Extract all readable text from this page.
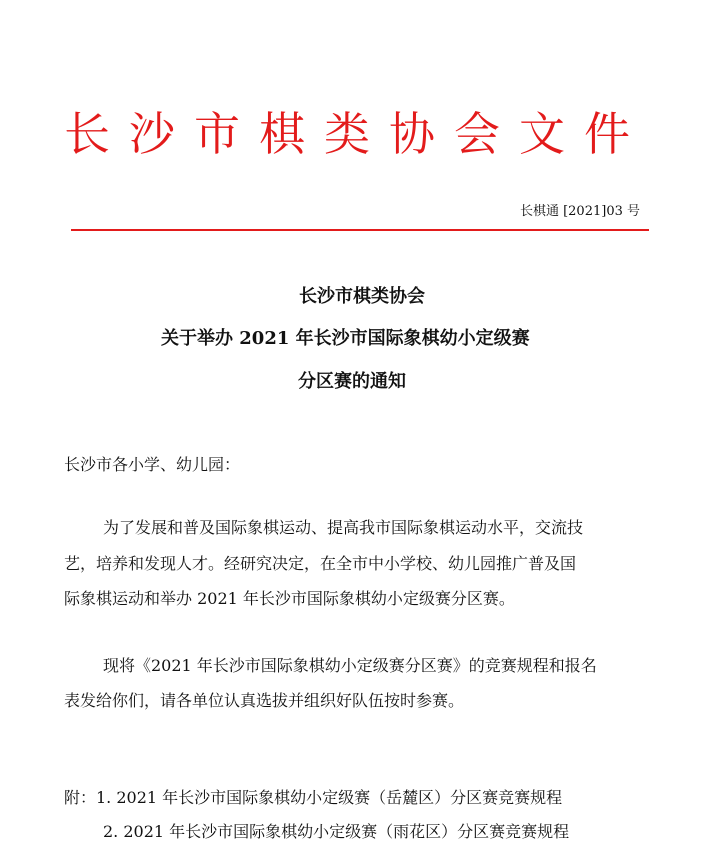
长沙市棋类协会文件
长棋通 [2021]03 号
长沙市棋类协会
关于举办 2021 年长沙市国际象棋幼小定级赛
分区赛的通知
长沙市各小学、幼儿园：
为了发展和普及国际象棋运动、提高我市国际象棋运动水平，交流技
艺，培养和发现人才。经研究决定，在全市中小学校、幼儿园推广普及国
际象棋运动和举办 2021 年长沙市国际象棋幼小定级赛分区赛。
现将《2021 年长沙市国际象棋幼小定级赛分区赛》的竞赛规程和报名
表发给你们，请各单位认真选拔并组织好队伍按时参赛。
附：1. 2021 年长沙市国际象棋幼小定级赛（岳麓区）分区赛竞赛规程
2. 2021 年长沙市国际象棋幼小定级赛（雨花区）分区赛竞赛规程
